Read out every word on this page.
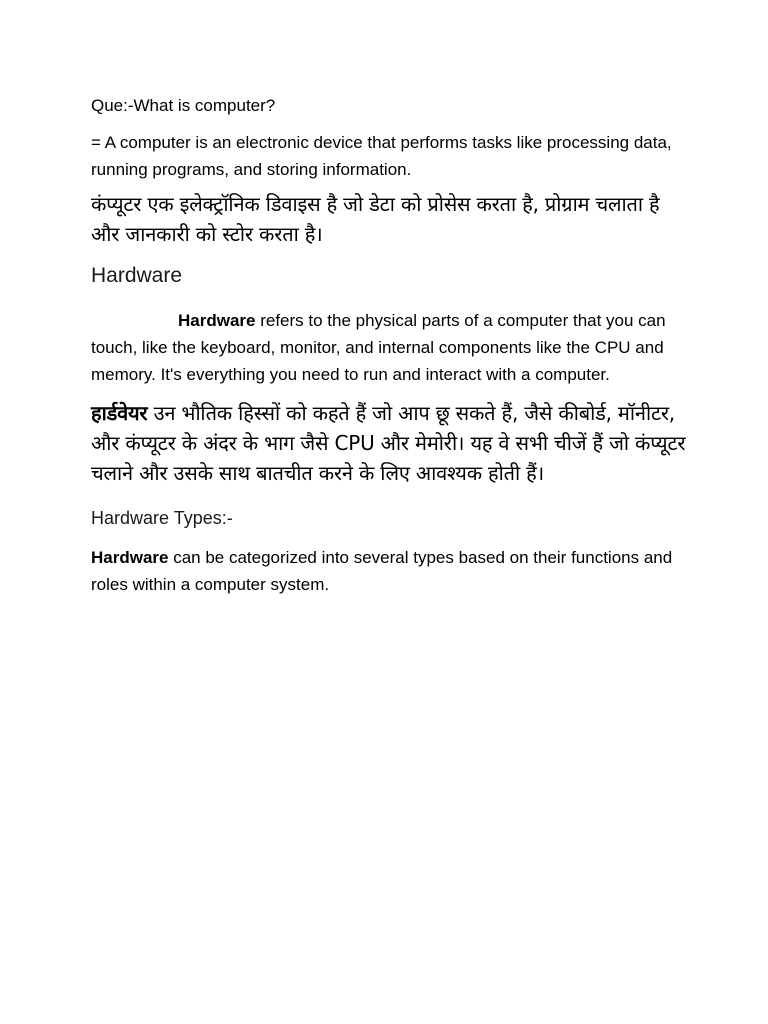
Que:-What is computer?

= A computer is an electronic device that performs tasks like processing data, running programs, and storing information.

कंप्यूटर एक इलेक्ट्रॉनिक डिवाइस है जो डेटा को प्रोसेस करता है, प्रोग्राम चलाता है और जानकारी को स्टोर करता है।

Hardware

Hardware refers to the physical parts of a computer that you can touch, like the keyboard, monitor, and internal components like the CPU and memory. It's everything you need to run and interact with a computer.

हार्डवेयर उन भौतिक हिस्सों को कहते हैं जो आप छू सकते हैं, जैसे कीबोर्ड, मॉनीटर, और कंप्यूटर के अंदर के भाग जैसे CPU और मेमोरी। यह वे सभी चीजें हैं जो कंप्यूटर चलाने और उसके साथ बातचीत करने के लिए आवश्यक होती हैं।

Hardware Types:-

Hardware can be categorized into several types based on their functions and roles within a computer system.
